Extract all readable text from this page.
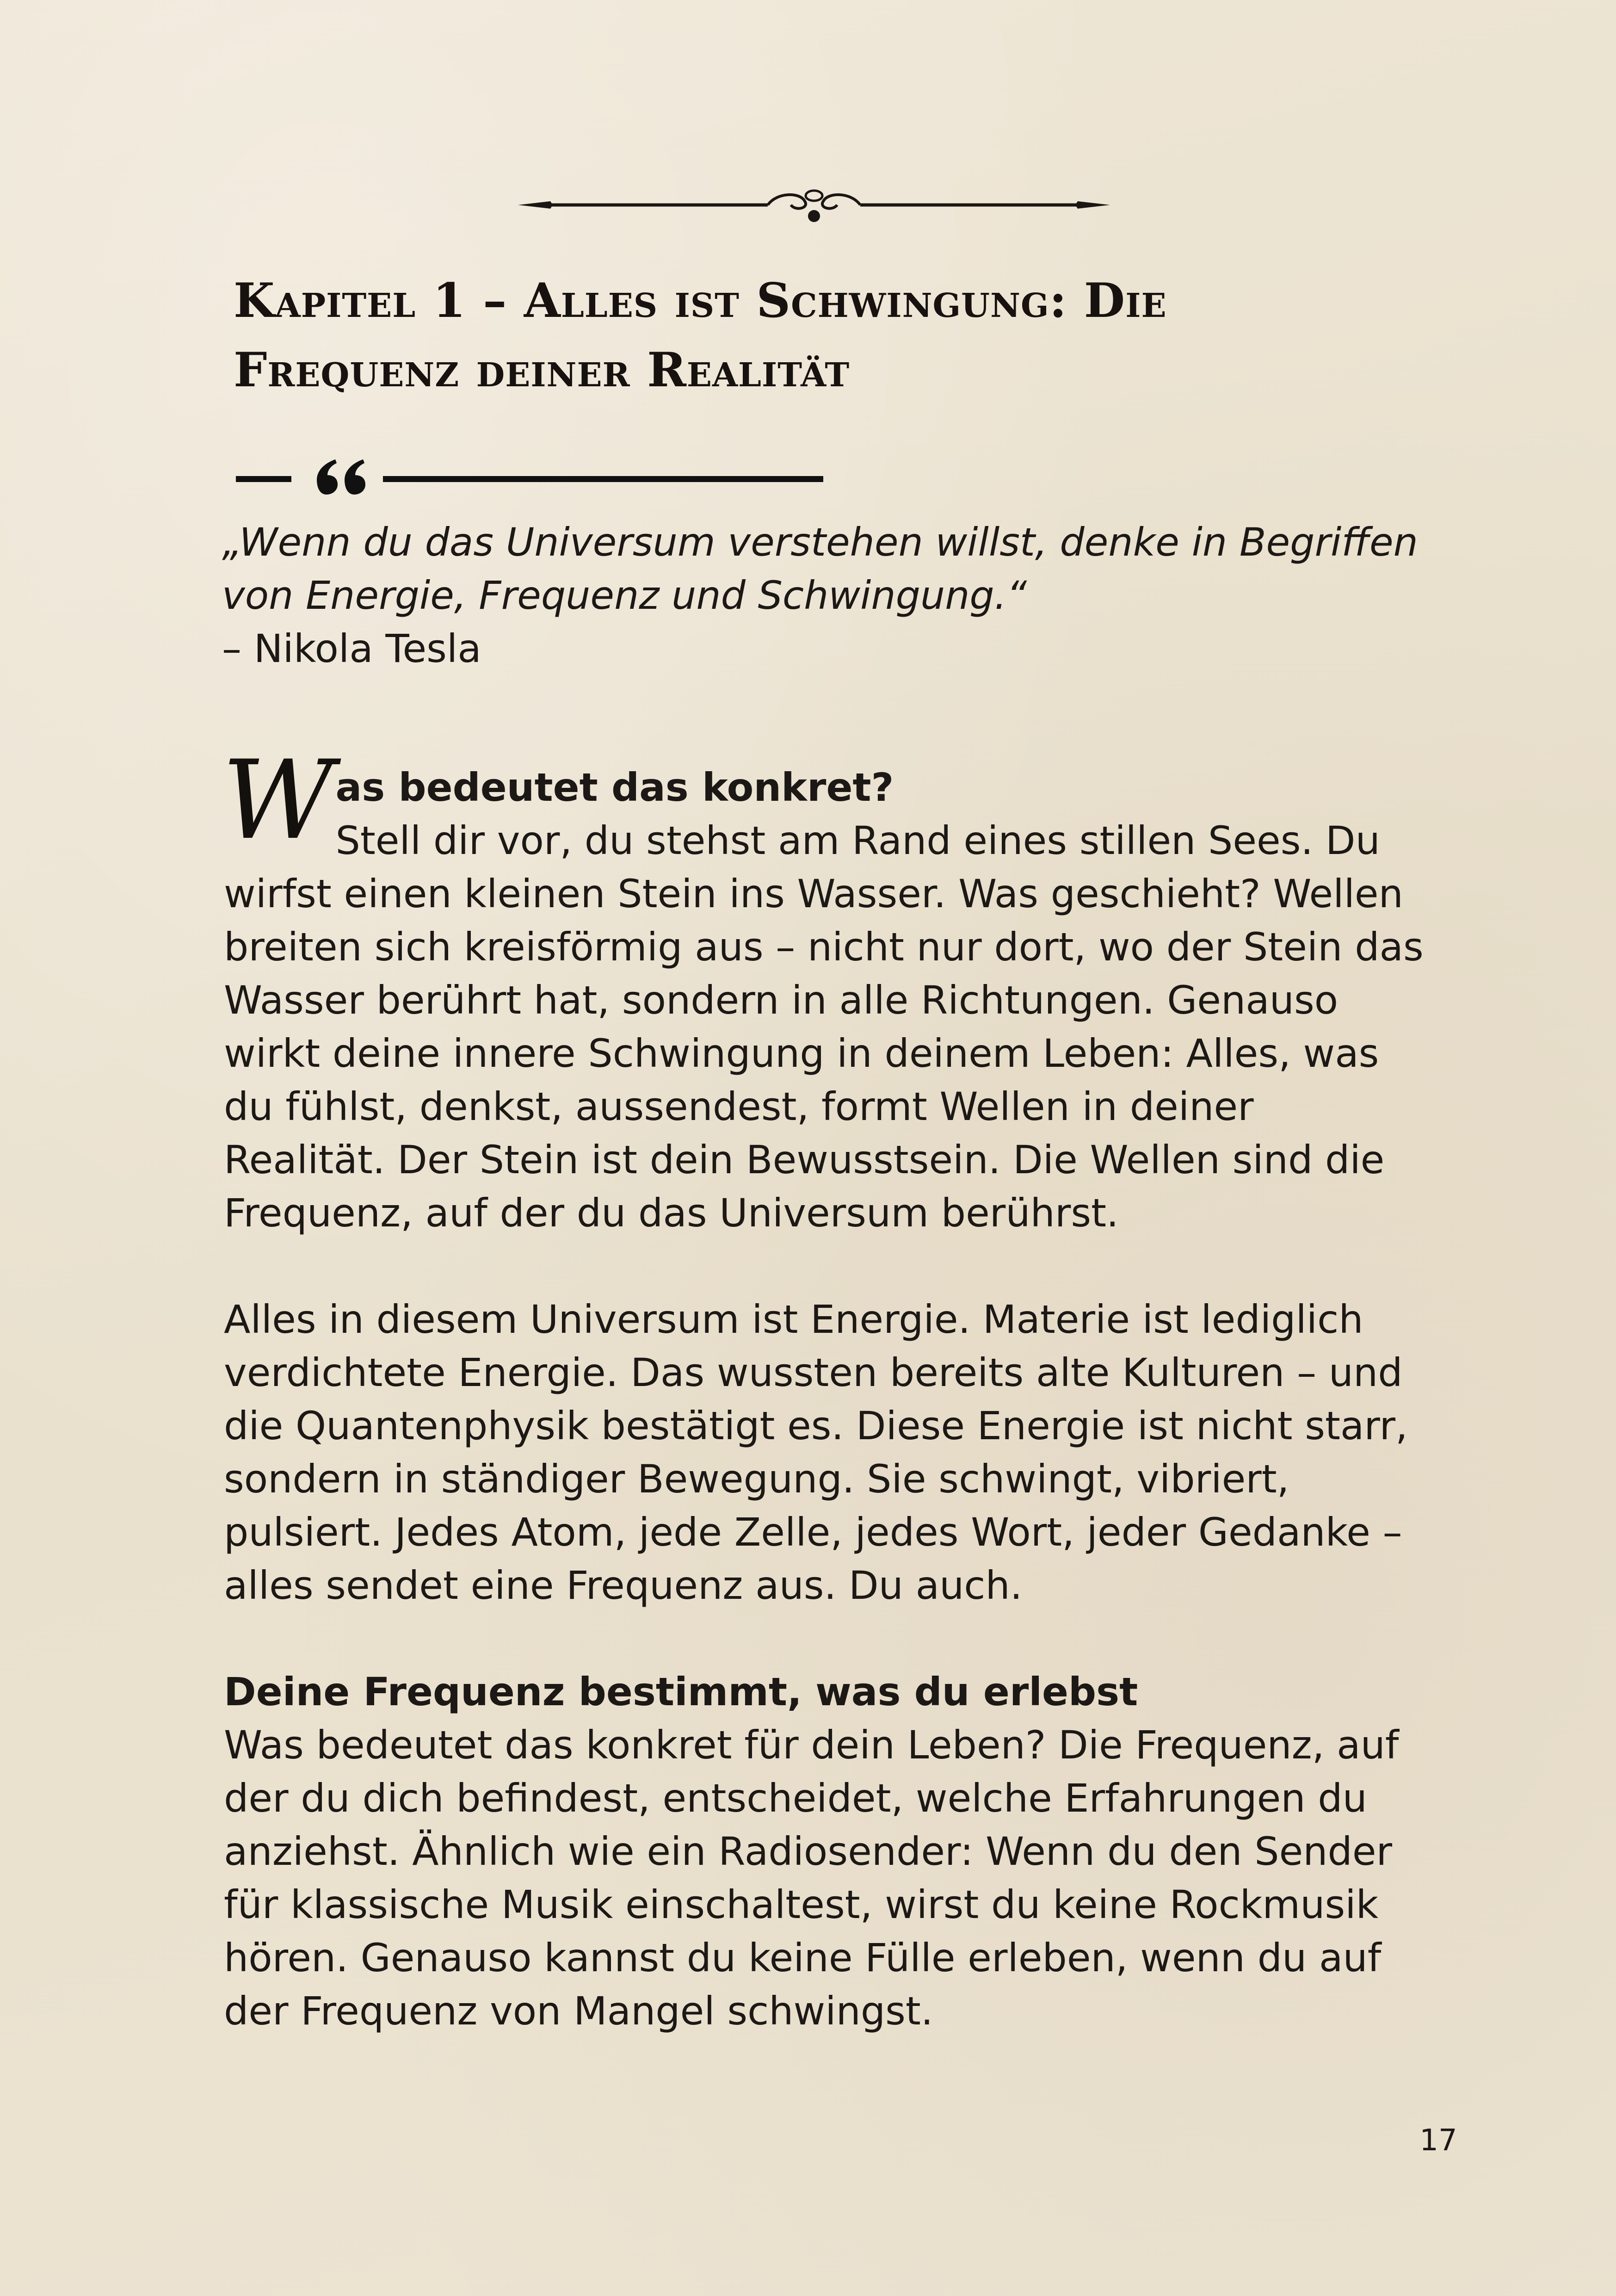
Kapitel 1 – Alles ist Schwingung: Die Frequenz deiner Realität
„Wenn du das Universum verstehen willst, denke in Begriffen von Energie, Frequenz und Schwingung.“
– Nikola Tesla
W as bedeutet das konkret?

Stell dir vor, du stehst am Rand eines stillen Sees. Du wirfst einen kleinen Stein ins Wasser. Was geschieht? Wellen breiten sich kreisförmig aus – nicht nur dort, wo der Stein das Wasser berührt hat, sondern in alle Richtungen. Genauso wirkt deine innere Schwingung in deinem Leben: Alles, was du fühlst, denkst, aussendest, formt Wellen in deiner Realität. Der Stein ist dein Bewusstsein. Die Wellen sind die Frequenz, auf der du das Universum berührst.

Alles in diesem Universum ist Energie. Materie ist lediglich verdichtete Energie. Das wussten bereits alte Kulturen – und die Quantenphysik bestätigt es. Diese Energie ist nicht starr, sondern in ständiger Bewegung. Sie schwingt, vibriert, pulsiert. Jedes Atom, jede Zelle, jedes Wort, jeder Gedanke – alles sendet eine Frequenz aus. Du auch.

Deine Frequenz bestimmt, was du erlebst

Was bedeutet das konkret für dein Leben? Die Frequenz, auf der du dich befindest, entscheidet, welche Erfahrungen du anziehst. Ähnlich wie ein Radiosender: Wenn du den Sender für klassische Musik einschaltest, wirst du keine Rockmusik hören. Genauso kannst du keine Fülle erleben, wenn du auf der Frequenz von Mangel schwingst.

17
